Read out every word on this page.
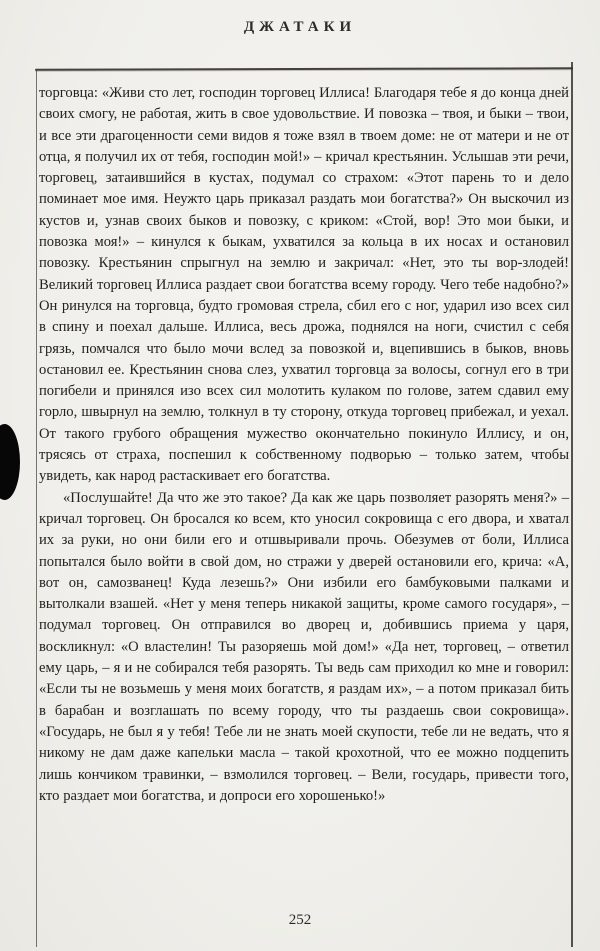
ДЖАТАКИ

торговца: «Живи сто лет, господин торговец Иллиса! Благодаря тебе я до конца дней своих смогу, не работая, жить в свое удовольствие. И повозка – твоя, и быки – твои, и все эти драгоценности семи видов я тоже взял в твоем доме: не от матери и не от отца, я получил их от тебя, господин мой!» – кричал крестьянин. Услышав эти речи, торговец, затаившийся в кустах, подумал со страхом: «Этот парень то и дело поминает мое имя. Неужто царь приказал раздать мои богатства?» Он выскочил из кустов и, узнав своих быков и повозку, с криком: «Стой, вор! Это мои быки, и повозка моя!» – кинулся к быкам, ухватился за кольца в их носах и остановил повозку. Крестьянин спрыгнул на землю и закричал: «Нет, это ты вор-злодей! Великий торговец Иллиса раздает свои богатства всему городу. Чего тебе надобно?» Он ринулся на торговца, будто громовая стрела, сбил его с ног, ударил изо всех сил в спину и поехал дальше. Иллиса, весь дрожа, поднялся на ноги, счистил с себя грязь, помчался что было мочи вслед за повозкой и, вцепившись в быков, вновь остановил ее. Крестьянин снова слез, ухватил торговца за волосы, согнул его в три погибели и принялся изо всех сил молотить кулаком по голове, затем сдавил ему горло, швырнул на землю, толкнул в ту сторону, откуда торговец прибежал, и уехал. От такого грубого обращения мужество окончательно покинуло Иллису, и он, трясясь от страха, поспешил к собственному подворью – только затем, чтобы увидеть, как народ растаскивает его богатства.

«Послушайте! Да что же это такое? Да как же царь позволяет разорять меня?» – кричал торговец. Он бросался ко всем, кто уносил сокровища с его двора, и хватал их за руки, но они били его и отшвыривали прочь. Обезумев от боли, Иллиса попытался было войти в свой дом, но стражи у дверей остановили его, крича: «А, вот он, самозванец! Куда лезешь?» Они избили его бамбуковыми палками и вытолкали взашей. «Нет у меня теперь никакой защиты, кроме самого государя», – подумал торговец. Он отправился во дворец и, добившись приема у царя, воскликнул: «О властелин! Ты разоряешь мой дом!» «Да нет, торговец, – ответил ему царь, – я и не собирался тебя разорять. Ты ведь сам приходил ко мне и говорил: «Если ты не возьмешь у меня моих богатств, я раздам их», – а потом приказал бить в барабан и возглашать по всему городу, что ты раздаешь свои сокровища». «Государь, не был я у тебя! Тебе ли не знать моей скупости, тебе ли не ведать, что я никому не дам даже капельки масла – такой крохотной, что ее можно подцепить лишь кончиком травинки, – взмолился торговец. – Вели, государь, привести того, кто раздает мои богатства, и допроси его хорошенько!»

252
